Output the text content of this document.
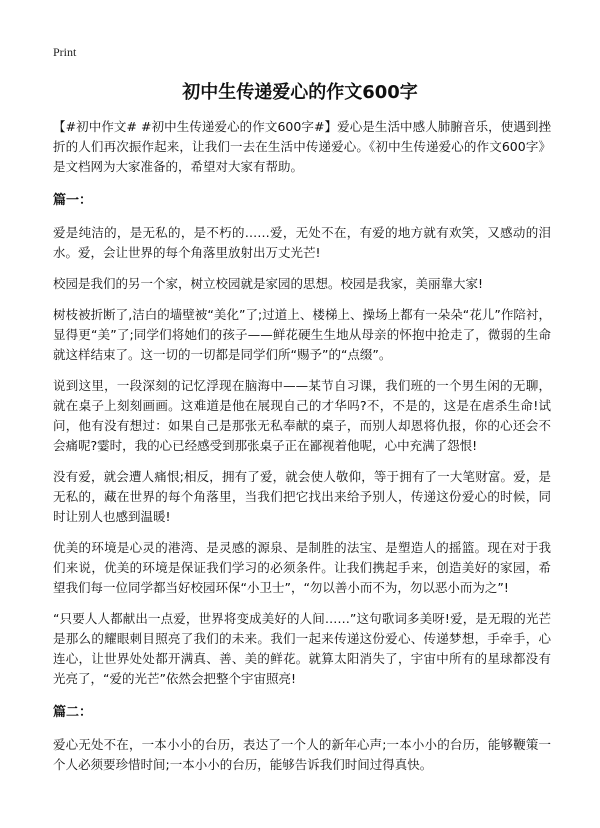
Print
初中生传递爱心的作文600字

【#初中作文# #初中生传递爱心的作文600字#】爱心是生活中感人肺腑音乐，使遇到挫折的人们再次振作起来，让我们一去在生活中传递爱心。《初中生传递爱心的作文600字》是文档网为大家准备的，希望对大家有帮助。

篇一：

爱是纯洁的，是无私的，是不朽的……爱，无处不在，有爱的地方就有欢笑，又感动的泪水。爱，会让世界的每个角落里放射出万丈光芒!

校园是我们的另一个家，树立校园就是家园的思想。校园是我家，美丽靠大家!

树枝被折断了,洁白的墙壁被“美化”了;过道上、楼梯上、操场上都有一朵朵“花儿”作陪衬，显得更“美”了;同学们将她们的孩子——鲜花硬生生地从母亲的怀抱中抢走了，微弱的生命就这样结束了。这一切的一切都是同学们所“赐予”的“点缀”。

说到这里，一段深刻的记忆浮现在脑海中——某节自习课，我们班的一个男生闲的无聊，就在桌子上刻刻画画。这难道是他在展现自己的才华吗?不，不是的，这是在虐杀生命!试问，他有没有想过：如果自己是那张无私奉献的桌子，而别人却恩将仇报，你的心还会不会痛呢?霎时，我的心已经感受到那张桌子正在鄙视着他呢，心中充满了怨恨!

没有爱，就会遭人痛恨;相反，拥有了爱，就会使人敬仰，等于拥有了一大笔财富。爱，是无私的，藏在世界的每个角落里，当我们把它找出来给予别人，传递这份爱心的时候，同时让别人也感到温暖!

优美的环境是心灵的港湾、是灵感的源泉、是制胜的法宝、是塑造人的摇篮。现在对于我们来说，优美的环境是保证我们学习的必须条件。让我们携起手来，创造美好的家园，希望我们每一位同学都当好校园环保“小卫士”，“勿以善小而不为，勿以恶小而为之”!

“只要人人都献出一点爱，世界将变成美好的人间……”这句歌词多美呀!爱，是无瑕的光芒是那么的耀眼刺目照亮了我们的未来。我们一起来传递这份爱心、传递梦想，手牵手，心连心，让世界处处都开满真、善、美的鲜花。就算太阳消失了，宇宙中所有的星球都没有光亮了，“爱的光芒”依然会把整个宇宙照亮!

篇二：

爱心无处不在，一本小小的台历，表达了一个人的新年心声;一本小小的台历，能够鞭策一个人必须要珍惜时间;一本小小的台历，能够告诉我们时间过得真快。
